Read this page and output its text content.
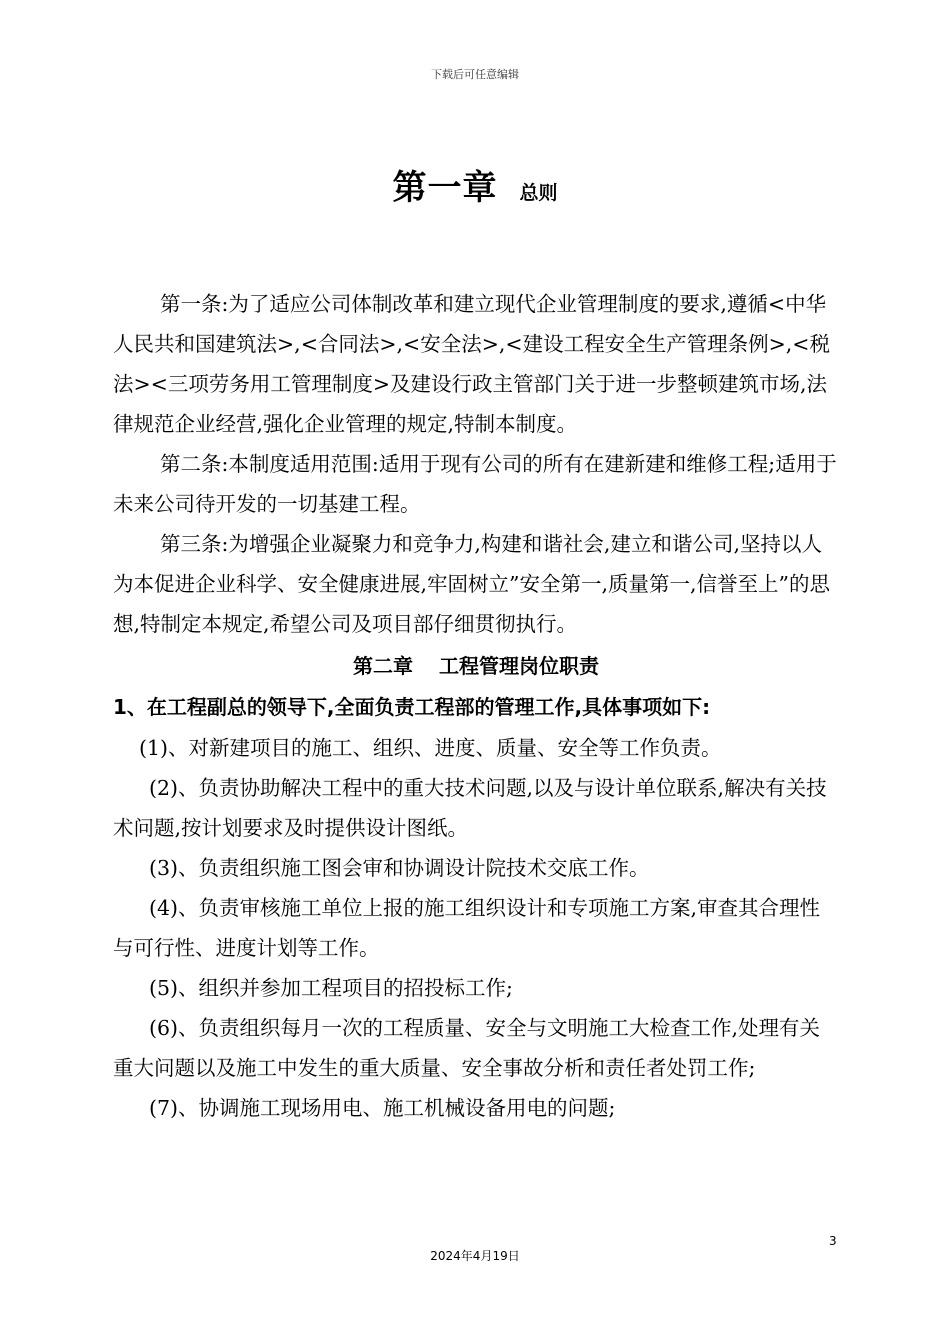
下载后可任意编辑
第一章 总则

第一条:为了适应公司体制改革和建立现代企业管理制度的要求,遵循<中华人民共和国建筑法>,<合同法>,<安全法>,<建设工程安全生产管理条例>,<税法><三项劳务用工管理制度>及建设行政主管部门关于进一步整顿建筑市场,法律规范企业经营,强化企业管理的规定,特制本制度。

第二条:本制度适用范围:适用于现有公司的所有在建新建和维修工程;适用于未来公司待开发的一切基建工程。

第三条:为增强企业凝聚力和竞争力,构建和谐社会,建立和谐公司,坚持以人为本促进企业科学、安全健康进展,牢固树立”安全第一,质量第一,信誉至上”的思想,特制定本规定,希望公司及项目部仔细贯彻执行。

第二章 工程管理岗位职责

1、在工程副总的领导下,全面负责工程部的管理工作,具体事项如下:

(1)、对新建项目的施工、组织、进度、质量、安全等工作负责。

(2)、负责协助解决工程中的重大技术问题,以及与设计单位联系,解决有关技术问题,按计划要求及时提供设计图纸。

(3)、负责组织施工图会审和协调设计院技术交底工作。

(4)、负责审核施工单位上报的施工组织设计和专项施工方案,审查其合理性与可行性、进度计划等工作。

(5)、组织并参加工程项目的招投标工作;

(6)、负责组织每月一次的工程质量、安全与文明施工大检查工作,处理有关重大问题以及施工中发生的重大质量、安全事故分析和责任者处罚工作;

(7)、协调施工现场用电、施工机械设备用电的问题;

3
2024年4月19日
